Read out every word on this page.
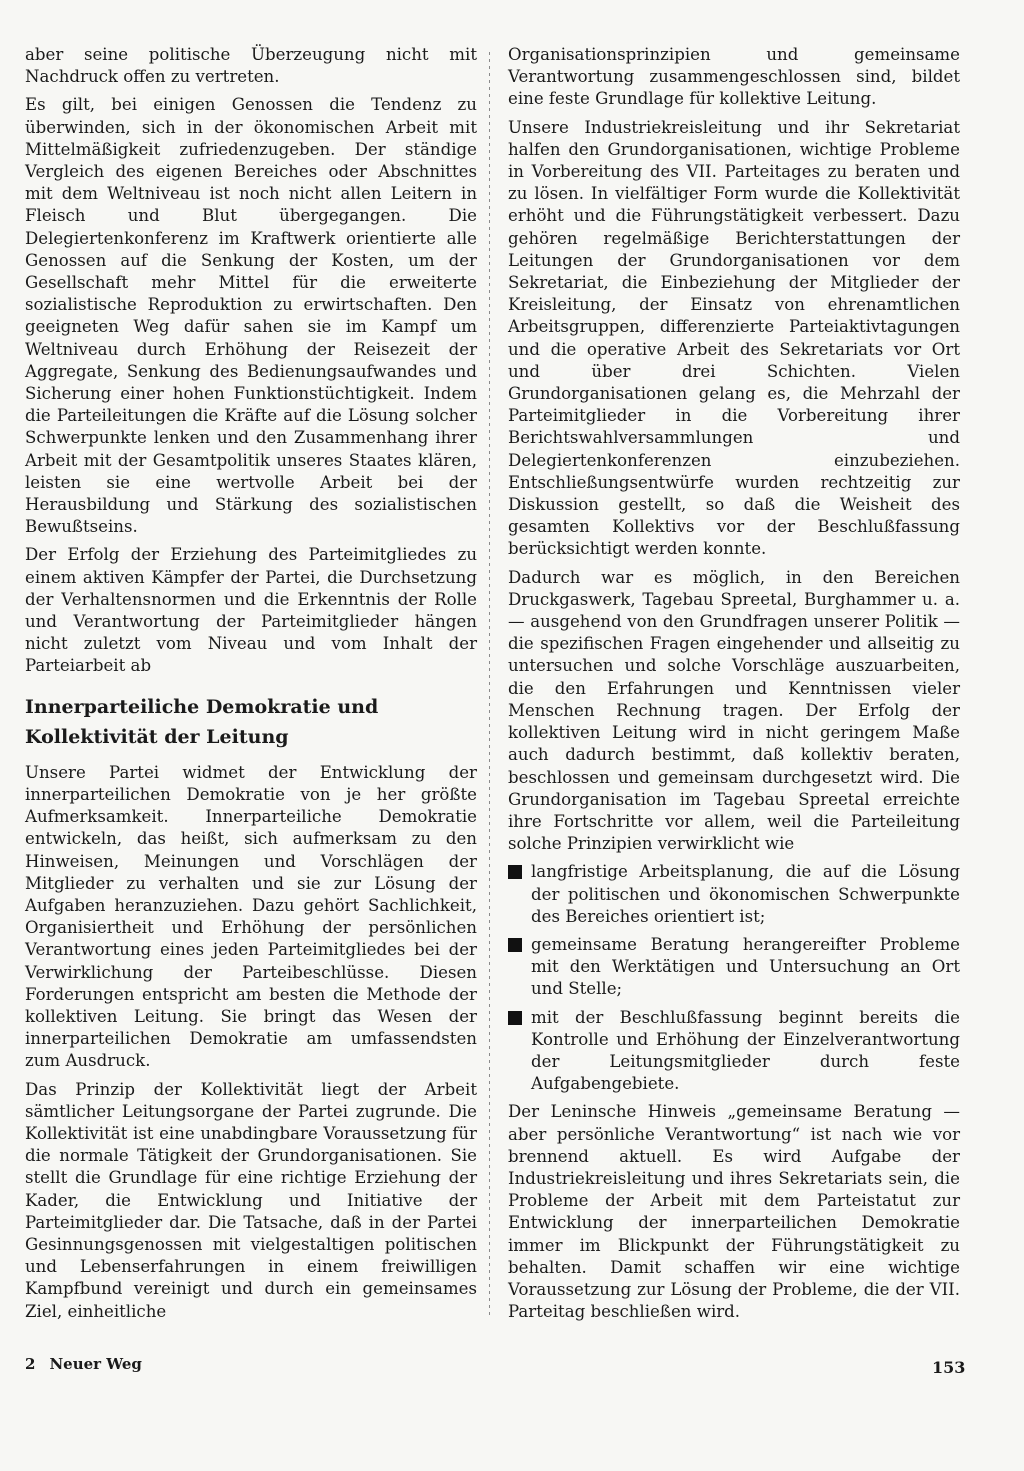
aber seine politische Überzeugung nicht mit Nachdruck offen zu vertreten.

Es gilt, bei einigen Genossen die Tendenz zu überwinden, sich in der ökonomischen Arbeit mit Mittelmäßigkeit zufriedenzugeben. Der ständige Vergleich des eigenen Bereiches oder Abschnittes mit dem Weltniveau ist noch nicht allen Leitern in Fleisch und Blut übergegangen. Die Delegiertenkonferenz im Kraftwerk orientierte alle Genossen auf die Senkung der Kosten, um der Gesellschaft mehr Mittel für die erweiterte sozialistische Reproduktion zu erwirtschaften. Den geeigneten Weg dafür sahen sie im Kampf um Weltniveau durch Erhöhung der Reisezeit der Aggregate, Senkung des Bedienungsaufwandes und Sicherung einer hohen Funktionstüchtigkeit. Indem die Parteileitungen die Kräfte auf die Lösung solcher Schwerpunkte lenken und den Zusammenhang ihrer Arbeit mit der Gesamtpolitik unseres Staates klären, leisten sie eine wertvolle Arbeit bei der Herausbildung und Stärkung des sozialistischen Bewußtseins.

Der Erfolg der Erziehung des Parteimitgliedes zu einem aktiven Kämpfer der Partei, die Durchsetzung der Verhaltensnormen und die Erkenntnis der Rolle und Verantwortung der Parteimitglieder hängen nicht zuletzt vom Niveau und vom Inhalt der Parteiarbeit ab

Innerparteiliche Demokratie und
Kollektivität der Leitung

Unsere Partei widmet der Entwicklung der innerparteilichen Demokratie von je her größte Aufmerksamkeit. Innerparteiliche Demokratie entwickeln, das heißt, sich aufmerksam zu den Hinweisen, Meinungen und Vorschlägen der Mitglieder zu verhalten und sie zur Lösung der Aufgaben heranzuziehen. Dazu gehört Sachlichkeit, Organisiertheit und Erhöhung der persönlichen Verantwortung eines jeden Parteimitgliedes bei der Verwirklichung der Parteibeschlüsse. Diesen Forderungen entspricht am besten die Methode der kollektiven Leitung. Sie bringt das Wesen der innerparteilichen Demokratie am umfassendsten zum Ausdruck.

Das Prinzip der Kollektivität liegt der Arbeit sämtlicher Leitungsorgane der Partei zugrunde. Die Kollektivität ist eine unabdingbare Voraussetzung für die normale Tätigkeit der Grundorganisationen. Sie stellt die Grundlage für eine richtige Erziehung der Kader, die Entwicklung und Initiative der Parteimitglieder dar. Die Tatsache, daß in der Partei Gesinnungsgenossen mit vielgestaltigen politischen und Lebenserfahrungen in einem freiwilligen Kampfbund vereinigt und durch ein gemeinsames Ziel, einheitliche

Organisationsprinzipien und gemeinsame Verantwortung zusammengeschlossen sind, bildet eine feste Grundlage für kollektive Leitung.

Unsere Industriekreisleitung und ihr Sekretariat halfen den Grundorganisationen, wichtige Probleme in Vorbereitung des VII. Parteitages zu beraten und zu lösen. In vielfältiger Form wurde die Kollektivität erhöht und die Führungstätigkeit verbessert. Dazu gehören regelmäßige Berichterstattungen der Leitungen der Grundorganisationen vor dem Sekretariat, die Einbeziehung der Mitglieder der Kreisleitung, der Einsatz von ehrenamtlichen Arbeitsgruppen, differenzierte Parteiaktivtagungen und die operative Arbeit des Sekretariats vor Ort und über drei Schichten. Vielen Grundorganisationen gelang es, die Mehrzahl der Parteimitglieder in die Vorbereitung ihrer Berichtswahlversammlungen und Delegiertenkonferenzen einzubeziehen. Entschließungsentwürfe wurden rechtzeitig zur Diskussion gestellt, so daß die Weisheit des gesamten Kollektivs vor der Beschlußfassung berücksichtigt werden konnte.

Dadurch war es möglich, in den Bereichen Druckgaswerk, Tagebau Spreetal, Burghammer u. a. — ausgehend von den Grundfragen unserer Politik — die spezifischen Fragen eingehender und allseitig zu untersuchen und solche Vorschläge auszuarbeiten, die den Erfahrungen und Kenntnissen vieler Menschen Rechnung tragen. Der Erfolg der kollektiven Leitung wird in nicht geringem Maße auch dadurch bestimmt, daß kollektiv beraten, beschlossen und gemeinsam durchgesetzt wird. Die Grundorganisation im Tagebau Spreetal erreichte ihre Fortschritte vor allem, weil die Parteileitung solche Prinzipien verwirklicht wie

langfristige Arbeitsplanung, die auf die Lösung der politischen und ökonomischen Schwerpunkte des Bereiches orientiert ist;
gemeinsame Beratung herangereifter Probleme mit den Werktätigen und Untersuchung an Ort und Stelle;
mit der Beschlußfassung beginnt bereits die Kontrolle und Erhöhung der Einzelverantwortung der Leitungsmitglieder durch feste Aufgabengebiete.

Der Leninsche Hinweis „gemeinsame Beratung — aber persönliche Verantwortung“ ist nach wie vor brennend aktuell. Es wird Aufgabe der Industriekreisleitung und ihres Sekretariats sein, die Probleme der Arbeit mit dem Parteistatut zur Entwicklung der innerparteilichen Demokratie immer im Blickpunkt der Führungstätigkeit zu behalten. Damit schaffen wir eine wichtige Voraussetzung zur Lösung der Probleme, die der VII. Parteitag beschließen wird.

2 Neuer Weg	153
